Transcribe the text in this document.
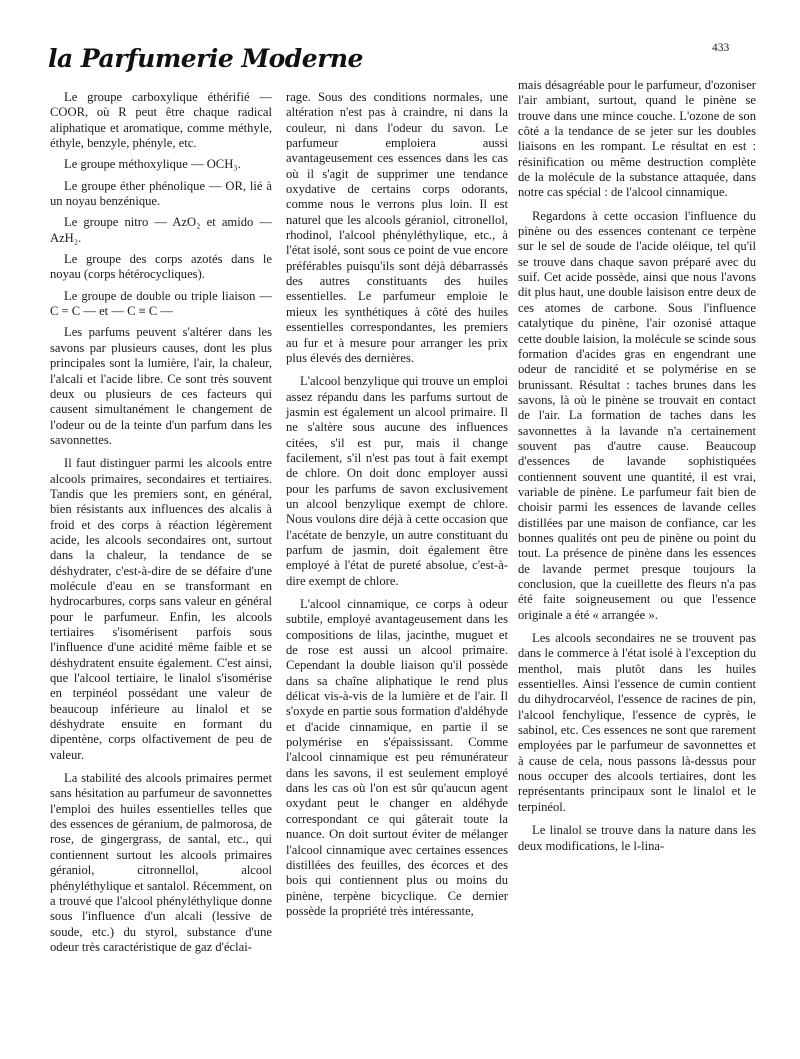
la Parfumerie Moderne	433

Le groupe carboxylique éthérifié — COOR, où R peut être chaque radical aliphatique et aromatique, comme méthyle, éthyle, benzyle, phényle, etc.

Le groupe méthoxylique — OCH₃.

Le groupe éther phénolique — OR, lié à un noyau benzénique.

Le groupe nitro — AzO₂ et amido — AzH₂.

Le groupe des corps azotés dans le noyau (corps hétérocycliques).

Le groupe de double ou triple liaison — C = C — et — C ≡ C —

Les parfums peuvent s'altérer dans les savons par plusieurs causes, dont les plus principales sont la lumière, l'air, la chaleur, l'alcali et l'acide libre. Ce sont très souvent deux ou plusieurs de ces facteurs qui causent simultanément le changement de l'odeur ou de la teinte d'un parfum dans les savonnettes.

Il faut distinguer parmi les alcools entre alcools primaires, secondaires et tertiaires. Tandis que les premiers sont, en général, bien résistants aux influences des alcalis à froid et des corps à réaction légèrement acide, les alcools secondaires ont, surtout dans la chaleur, la tendance de se déshydrater, c'est-à-dire de se défaire d'une molécule d'eau en se transformant en hydrocarbures, corps sans valeur en général pour le parfumeur. Enfin, les alcools tertiaires s'isomérisent parfois sous l'influence d'une acidité même faible et se déshydratent ensuite également. C'est ainsi, que l'alcool tertiaire, le linalol s'isomérise en terpinéol possédant une valeur de beaucoup inférieure au linalol et se déshydrate ensuite en formant du dipentène, corps olfactivement de peu de valeur.

La stabilité des alcools primaires permet sans hésitation au parfumeur de savonnettes l'emploi des huiles essentielles telles que des essences de géranium, de palmorosa, de rose, de gingergrass, de santal, etc., qui contiennent surtout les alcools primaires géraniol, citronnellol, alcool phényléthylique et santalol. Récemment, on a trouvé que l'alcool phényléthylique donne sous l'influence d'un alcali (lessive de soude, etc.) du styrol, substance d'une odeur très caractéristique de gaz d'éclai-

rage. Sous des conditions normales, une altération n'est pas à craindre, ni dans la couleur, ni dans l'odeur du savon. Le parfumeur emploiera aussi avantageusement ces essences dans les cas où il s'agit de supprimer une tendance oxydative de certains corps odorants, comme nous le verrons plus loin. Il est naturel que les alcools géraniol, citronellol, rhodinol, l'alcool phényléthylique, etc., à l'état isolé, sont sous ce point de vue encore préférables puisqu'ils sont déjà débarrassés des autres constituants des huiles essentielles. Le parfumeur emploie le mieux les synthétiques à côté des huiles essentielles correspondantes, les premiers au fur et à mesure pour arranger les prix plus élevés des dernières.

L'alcool benzylique qui trouve un emploi assez répandu dans les parfums surtout de jasmin est également un alcool primaire. Il ne s'altère sous aucune des influences citées, s'il est pur, mais il change facilement, s'il n'est pas tout à fait exempt de chlore. On doit donc employer aussi pour les parfums de savon exclusivement un alcool benzylique exempt de chlore. Nous voulons dire déjà à cette occasion que l'acétate de benzyle, un autre constituant du parfum de jasmin, doit également être employé à l'état de pureté absolue, c'est-à-dire exempt de chlore.

L'alcool cinnamique, ce corps à odeur subtile, employé avantageusement dans les compositions de lilas, jacinthe, muguet et de rose est aussi un alcool primaire. Cependant la double liaison qu'il possède dans sa chaîne aliphatique le rend plus délicat vis-à-vis de la lumière et de l'air. Il s'oxyde en partie sous formation d'aldéhyde et d'acide cinnamique, en partie il se polymérise en s'épaississant. Comme l'alcool cinnamique est peu rémunérateur dans les savons, il est seulement employé dans les cas où l'on est sûr qu'aucun agent oxydant peut le changer en aldéhyde correspondant ce qui gâterait toute la nuance. On doit surtout éviter de mélanger l'alcool cinnamique avec certaines essences distillées des feuilles, des écorces et des bois qui contiennent plus ou moins du pinène, terpène bicyclique. Ce dernier possède la propriété très intéressante,

mais désagréable pour le parfumeur, d'ozoniser l'air ambiant, surtout, quand le pinène se trouve dans une mince couche. L'ozone de son côté a la tendance de se jeter sur les doubles liaisons en les rompant. Le résultat en est : résinification ou même destruction complète de la molécule de la substance attaquée, dans notre cas spécial : de l'alcool cinnamique.

Regardons à cette occasion l'influence du pinène ou des essences contenant ce terpène sur le sel de soude de l'acide oléique, tel qu'il se trouve dans chaque savon préparé avec du suif. Cet acide possède, ainsi que nous l'avons dit plus haut, une double laisison entre deux de ces atomes de carbone. Sous l'influence catalytique du pinène, l'air ozonisé attaque cette double laision, la molécule se scinde sous formation d'acides gras en engendrant une odeur de rancidité et se polymérise en se brunissant. Résultat : taches brunes dans les savons, là où le pinène se trouvait en contact de l'air. La formation de taches dans les savonnettes à la lavande n'a certainement souvent pas d'autre cause. Beaucoup d'essences de lavande sophistiquées contiennent souvent une quantité, il est vrai, variable de pinène. Le parfumeur fait bien de choisir parmi les essences de lavande celles distillées par une maison de confiance, car les bonnes qualités ont peu de pinène ou point du tout. La présence de pinène dans les essences de lavande permet presque toujours la conclusion, que la cueillette des fleurs n'a pas été faite soigneusement ou que l'essence originale a été « arrangée ».

Les alcools secondaires ne se trouvent pas dans le commerce à l'état isolé à l'exception du menthol, mais plutôt dans les huiles essentielles. Ainsi l'essence de cumin contient du dihydrocarvéol, l'essence de racines de pin, l'alcool fenchylique, l'essence de cyprès, le sabinol, etc. Ces essences ne sont que rarement employées par le parfumeur de savonnettes et à cause de cela, nous passons là-dessus pour nous occuper des alcools tertiaires, dont les représentants principaux sont le linalol et le terpinéol.

Le linalol se trouve dans la nature dans les deux modifications, le l-lina-
